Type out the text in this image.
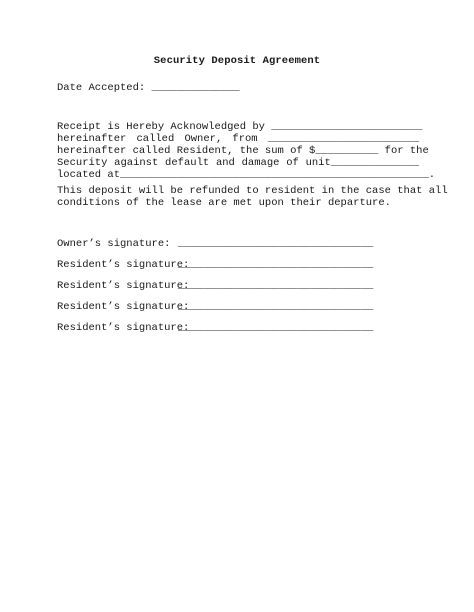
Security Deposit Agreement
Date Accepted: ______________
Receipt is Hereby Acknowledged by ________________________
hereinafter called Owner, from ________________________
hereinafter called Resident, the sum of $__________ for the
Security against default and damage of unit______________
located at_________________________________________________.
This deposit will be refunded to resident in the case that all
conditions of the lease are met upon their departure.
Owner’s signature: _______________________________
Resident’s signature:
_______________________________
Resident’s signature:
_______________________________
Resident’s signature:
_______________________________
Resident’s signature:
_______________________________
